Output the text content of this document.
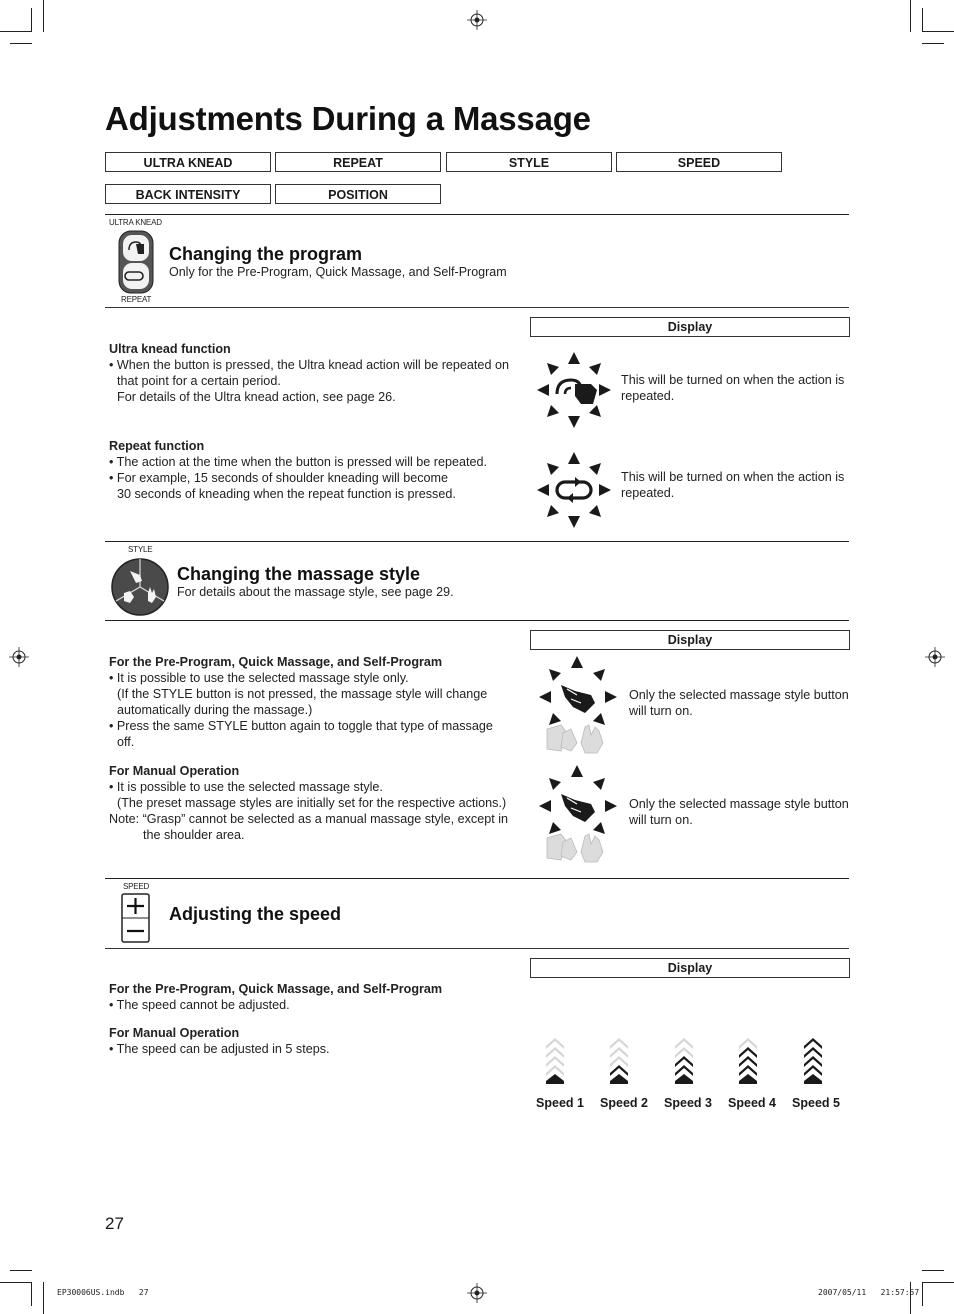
Adjustments During a Massage
ULTRA KNEAD	REPEAT	STYLE	SPEED
BACK INTENSITY	POSITION
ULTRA KNEAD
REPEAT
Changing the program
Only for the Pre-Program, Quick Massage, and Self-Program
Display
Ultra knead function
• When the button is pressed, the Ultra knead action will be repeated on
that point for a certain period.
For details of the Ultra knead action, see page 26.
This will be turned on when the action is repeated.
Repeat function
• The action at the time when the button is pressed will be repeated.
• For example, 15 seconds of shoulder kneading will become
30 seconds of kneading when the repeat function is pressed.
This will be turned on when the action is repeated.
STYLE
Changing the massage style
For details about the massage style, see page 29.
Display
For the Pre-Program, Quick Massage, and Self-Program
• It is possible to use the selected massage style only.
(If the STYLE button is not pressed, the massage style will change
automatically during the massage.)
• Press the same STYLE button again to toggle that type of massage
off.
Only the selected massage style button will turn on.
For Manual Operation
• It is possible to use the selected massage style.
(The preset massage styles are initially set for the respective actions.)
Note: “Grasp” cannot be selected as a manual massage style, except in
the shoulder area.
Only the selected massage style button will turn on.
SPEED
Adjusting the speed
Display
For the Pre-Program, Quick Massage, and Self-Program
• The speed cannot be adjusted.
For Manual Operation
• The speed can be adjusted in 5 steps.
Speed 1	Speed 2	Speed 3	Speed 4	Speed 5
27
EP30006US.indb   27	2007/05/11   21:57:57
